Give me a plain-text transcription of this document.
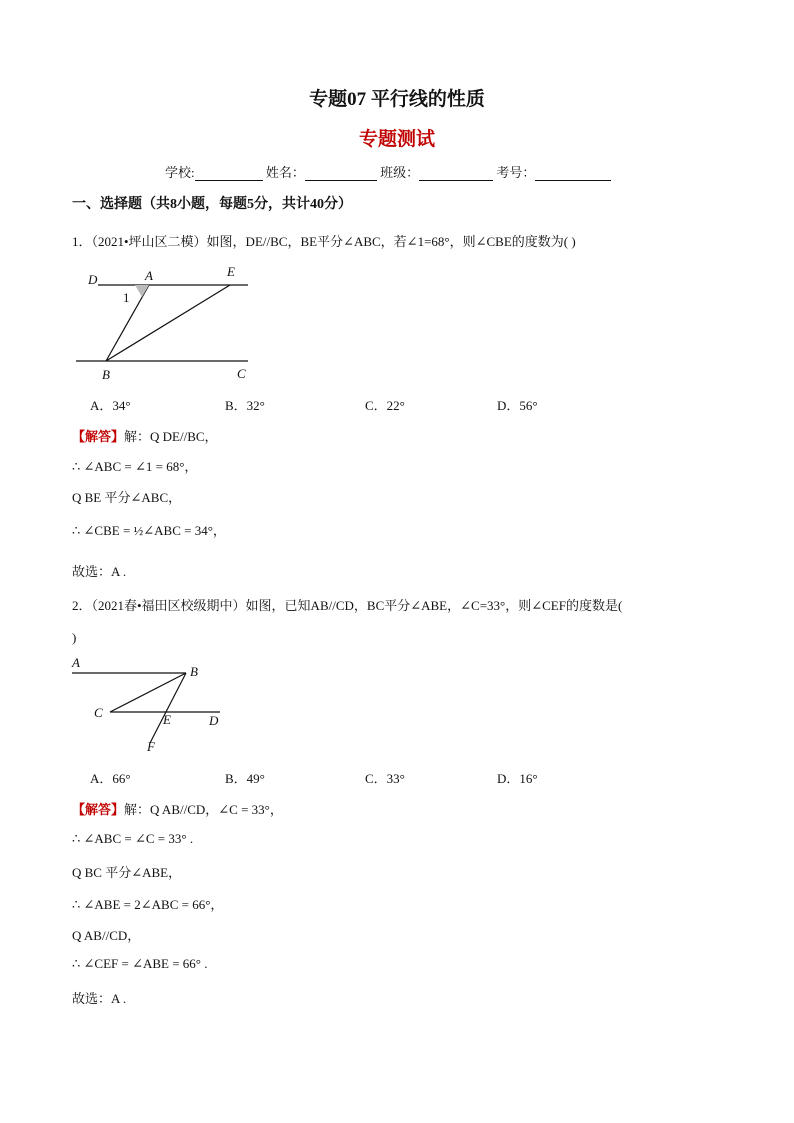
专题07 平行线的性质
专题测试
学校:	姓名：	班级：	考号：
一、选择题（共8小题，每题5分，共计40分）
1．（2021•坪山区二模）如图，DE//BC，BE平分∠ABC，若∠1=68°，则∠CBE的度数为( )
D	A	E
1
B	C
A．34°	B．32°	C．22°	D．56°
【解答】解：Q DE//BC，
∴ ∠ABC = ∠1 = 68°，
Q BE 平分∠ABC，
∴ ∠CBE = ½∠ABC = 34°，
故选：A .
2．（2021春•福田区校级期中）如图，已知AB//CD，BC平分∠ABE，∠C=33°，则∠CEF的度数是(
)
A
B
C	E	D
F
A．66°	B．49°	C．33°	D．16°
【解答】解：Q AB//CD，∠C = 33°，
∴ ∠ABC = ∠C = 33° .
Q BC 平分∠ABE，
∴ ∠ABE = 2∠ABC = 66°，
Q AB//CD，
∴ ∠CEF = ∠ABE = 66° .
故选：A .
